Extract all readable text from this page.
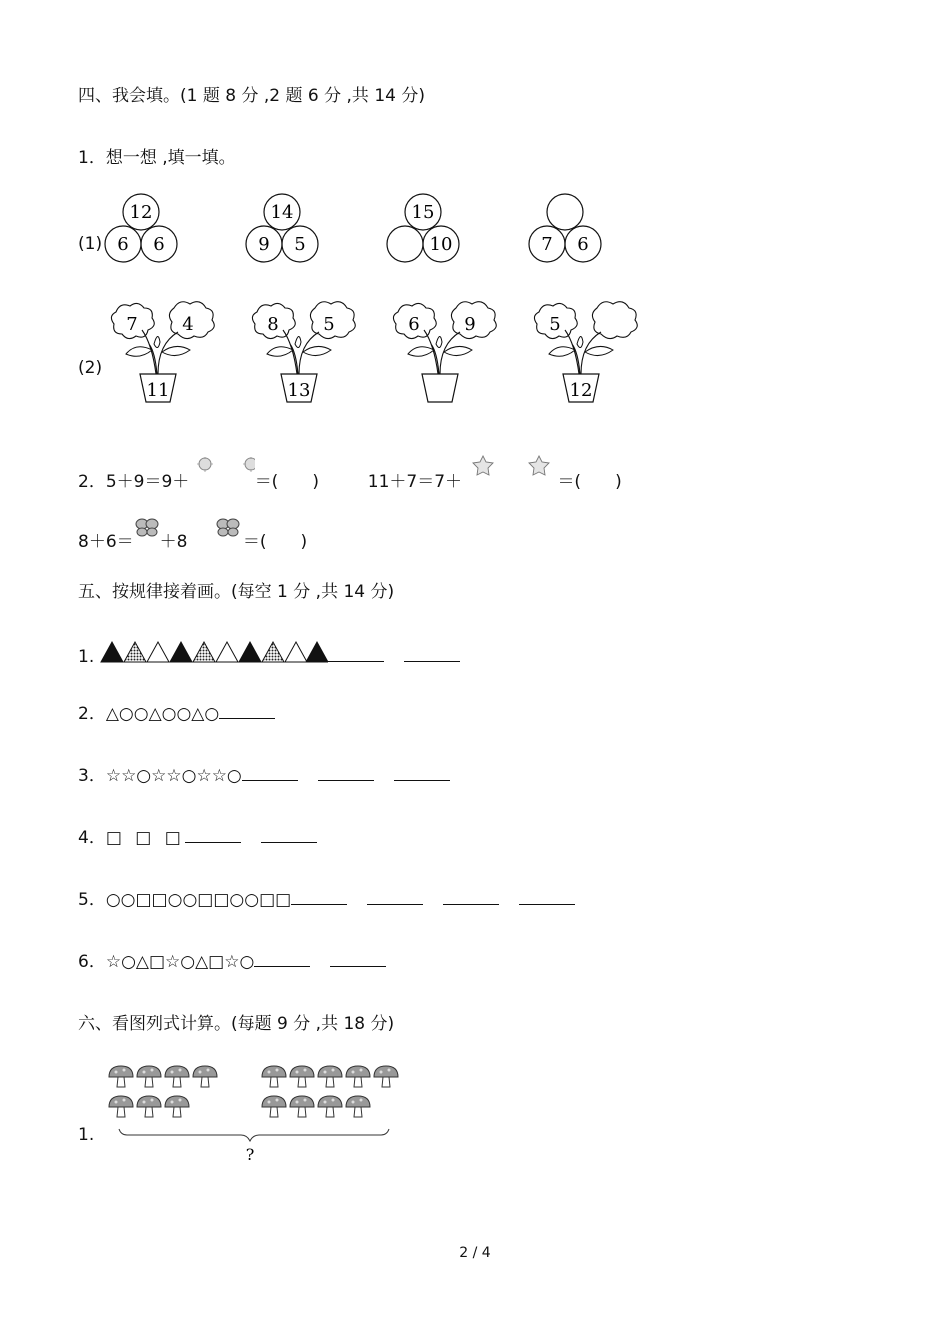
四、我会填。(1 题 8 分 ,2 题 6 分 ,共 14 分)
1．想一想 ,填一填。
(1)
12
6 6
14
9 5
15
10	7 6
(2)
7 4
11
8 5
13
6 9	5
12
2．5＋9＝9＋	＝(　　)	11＋7＝7＋	＝(　　)
8＋6＝ ＋8	＝(　　)
五、按规律接着画。(每空 1 分 ,共 14 分)
1.
2．△○○△○○△○
3．☆☆○☆☆○☆☆○
4．□ □ □
5．○○□□○○□□○○□□
6．☆○△□☆○△□☆○
六、看图列式计算。(每题 9 分 ,共 18 分)
1.
?
2 / 4
